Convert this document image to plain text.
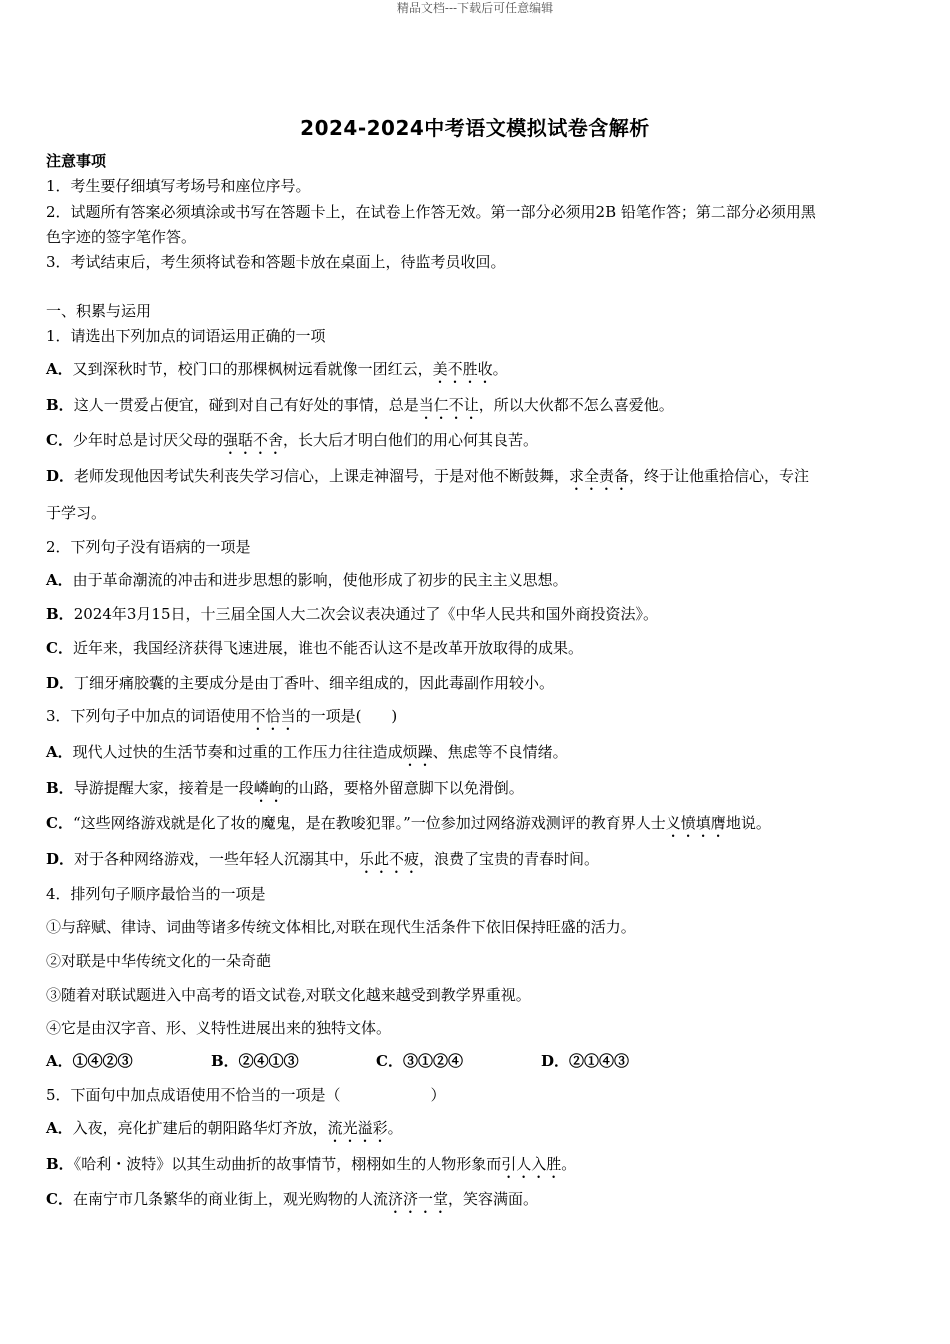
精品文档---下载后可任意编辑
2024-2024中考语文模拟试卷含解析
注意事项
1．考生要仔细填写考场号和座位序号。
2．试题所有答案必须填涂或书写在答题卡上，在试卷上作答无效。第一部分必须用2B 铅笔作答；第二部分必须用黑
色字迹的签字笔作答。
3．考试结束后，考生须将试卷和答题卡放在桌面上，待监考员收回。
一、积累与运用
1．请选出下列加点的词语运用正确的一项
A．又到深秋时节，校门口的那棵枫树远看就像一团红云，美不胜收。
B．这人一贯爱占便宜，碰到对自己有好处的事情，总是当仁不让，所以大伙都不怎么喜爱他。
C．少年时总是讨厌父母的强聒不舍，长大后才明白他们的用心何其良苦。
D．老师发现他因考试失利丧失学习信心，上课走神溜号，于是对他不断鼓舞，求全责备，终于让他重拾信心，专注
于学习。
2．下列句子没有语病的一项是
A．由于革命潮流的冲击和进步思想的影响，使他形成了初步的民主主义思想。
B．2024年3月15日，十三届全国人大二次会议表决通过了《中华人民共和国外商投资法》。
C．近年来，我国经济获得飞速进展，谁也不能否认这不是改革开放取得的成果。
D．丁细牙痛胶囊的主要成分是由丁香叶、细辛组成的，因此毒副作用较小。
3．下列句子中加点的词语使用不恰当的一项是(　　)
A．现代人过快的生活节奏和过重的工作压力往往造成烦躁、焦虑等不良情绪。
B．导游提醒大家，接着是一段嶙峋的山路，要格外留意脚下以免滑倒。
C．“这些网络游戏就是化了妆的魔鬼，是在教唆犯罪。”一位参加过网络游戏测评的教育界人士义愤填膺地说。
D．对于各种网络游戏，一些年轻人沉溺其中，乐此不疲，浪费了宝贵的青春时间。
4．排列句子顺序最恰当的一项是
①与辞赋、律诗、词曲等诸多传统文体相比,对联在现代生活条件下依旧保持旺盛的活力。
②对联是中华传统文化的一朵奇葩
③随着对联试题进入中高考的语文试卷,对联文化越来越受到教学界重视。
④它是由汉字音、形、义特性进展出来的独特文体。
A．①④②③	B．②④①③	C．③①②④	D．②①④③
5．下面句中加点成语使用不恰当的一项是（　　　　　　）
A．入夜，亮化扩建后的朝阳路华灯齐放，流光溢彩。
B．《哈利・波特》以其生动曲折的故事情节，栩栩如生的人物形象而引人入胜。
C．在南宁市几条繁华的商业街上，观光购物的人流济济一堂，笑容满面。
